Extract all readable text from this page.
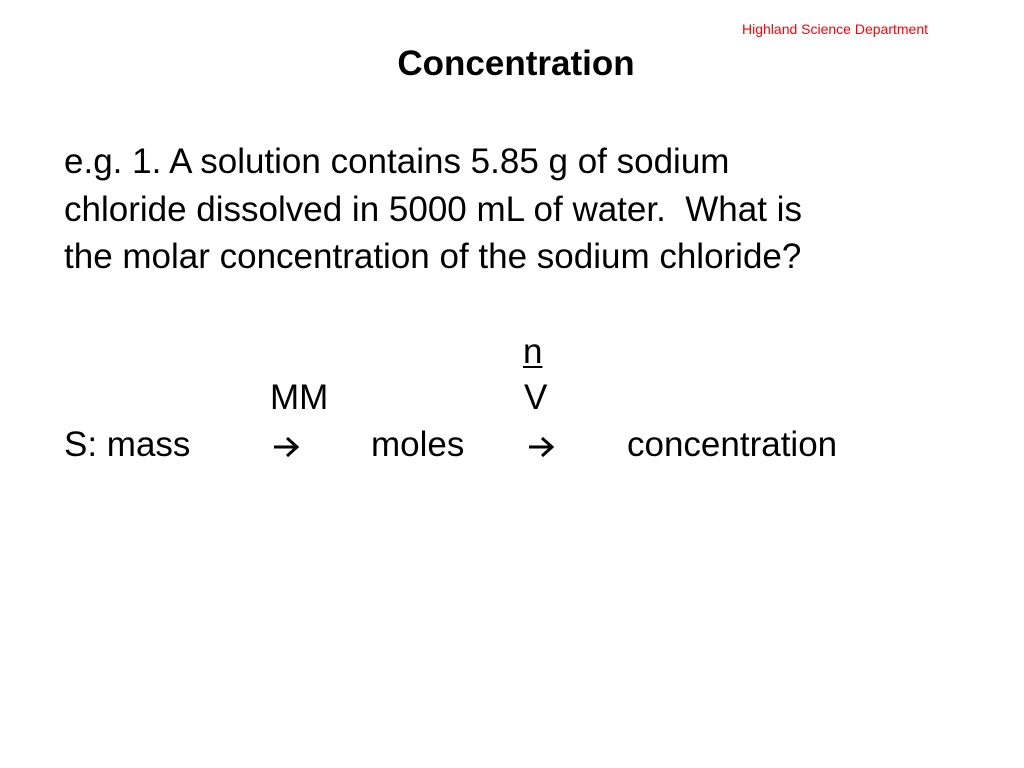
Highland Science Department
Concentration
e.g. 1. A solution contains 5.85 g of sodium
chloride dissolved in 5000 mL of water.  What is
the molar concentration of the sodium chloride?
n
MM	V
S: mass	moles	concentration
